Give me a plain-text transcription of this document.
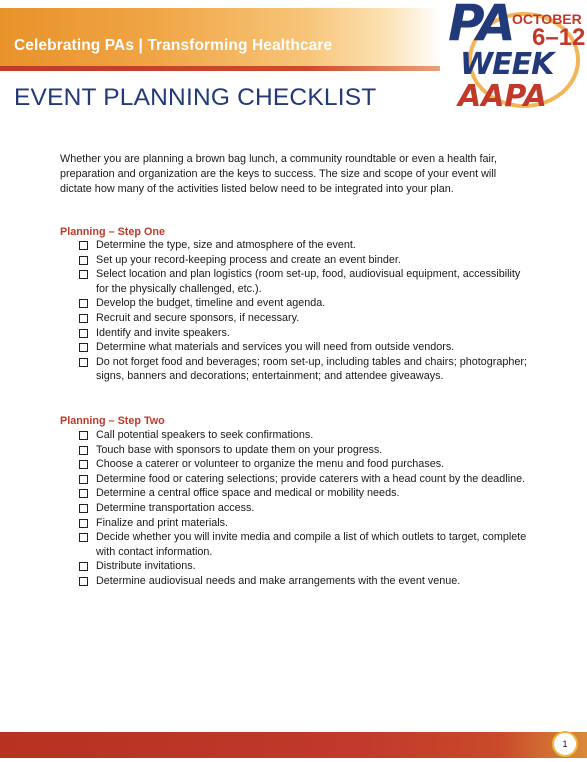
Celebrating PAs | Transforming Healthcare PA OCTOBER
6–12
WEEK
AAPA
EVENT PLANNING CHECKLIST

Whether you are planning a brown bag lunch, a community roundtable or even a health fair, preparation and organization are the keys to success. The size and scope of your event will dictate how many of the activities listed below need to be integrated into your plan.

Planning – Step One
Determine the type, size and atmosphere of the event.
Set up your record-keeping process and create an event binder.
Select location and plan logistics (room set-up, food, audiovisual equipment, accessibility for the physically challenged, etc.).
Develop the budget, timeline and event agenda.
Recruit and secure sponsors, if necessary.
Identify and invite speakers.
Determine what materials and services you will need from outside vendors.
Do not forget food and beverages; room set-up, including tables and chairs; photographer; signs, banners and decorations; entertainment; and attendee giveaways.
Planning – Step Two
Call potential speakers to seek confirmations.
Touch base with sponsors to update them on your progress.
Choose a caterer or volunteer to organize the menu and food purchases.
Determine food or catering selections; provide caterers with a head count by the deadline.
Determine a central office space and medical or mobility needs.
Determine transportation access.
Finalize and print materials.
Decide whether you will invite media and compile a list of which outlets to target, complete with contact information.
Distribute invitations.
Determine audiovisual needs and make arrangements with the event venue.
1
